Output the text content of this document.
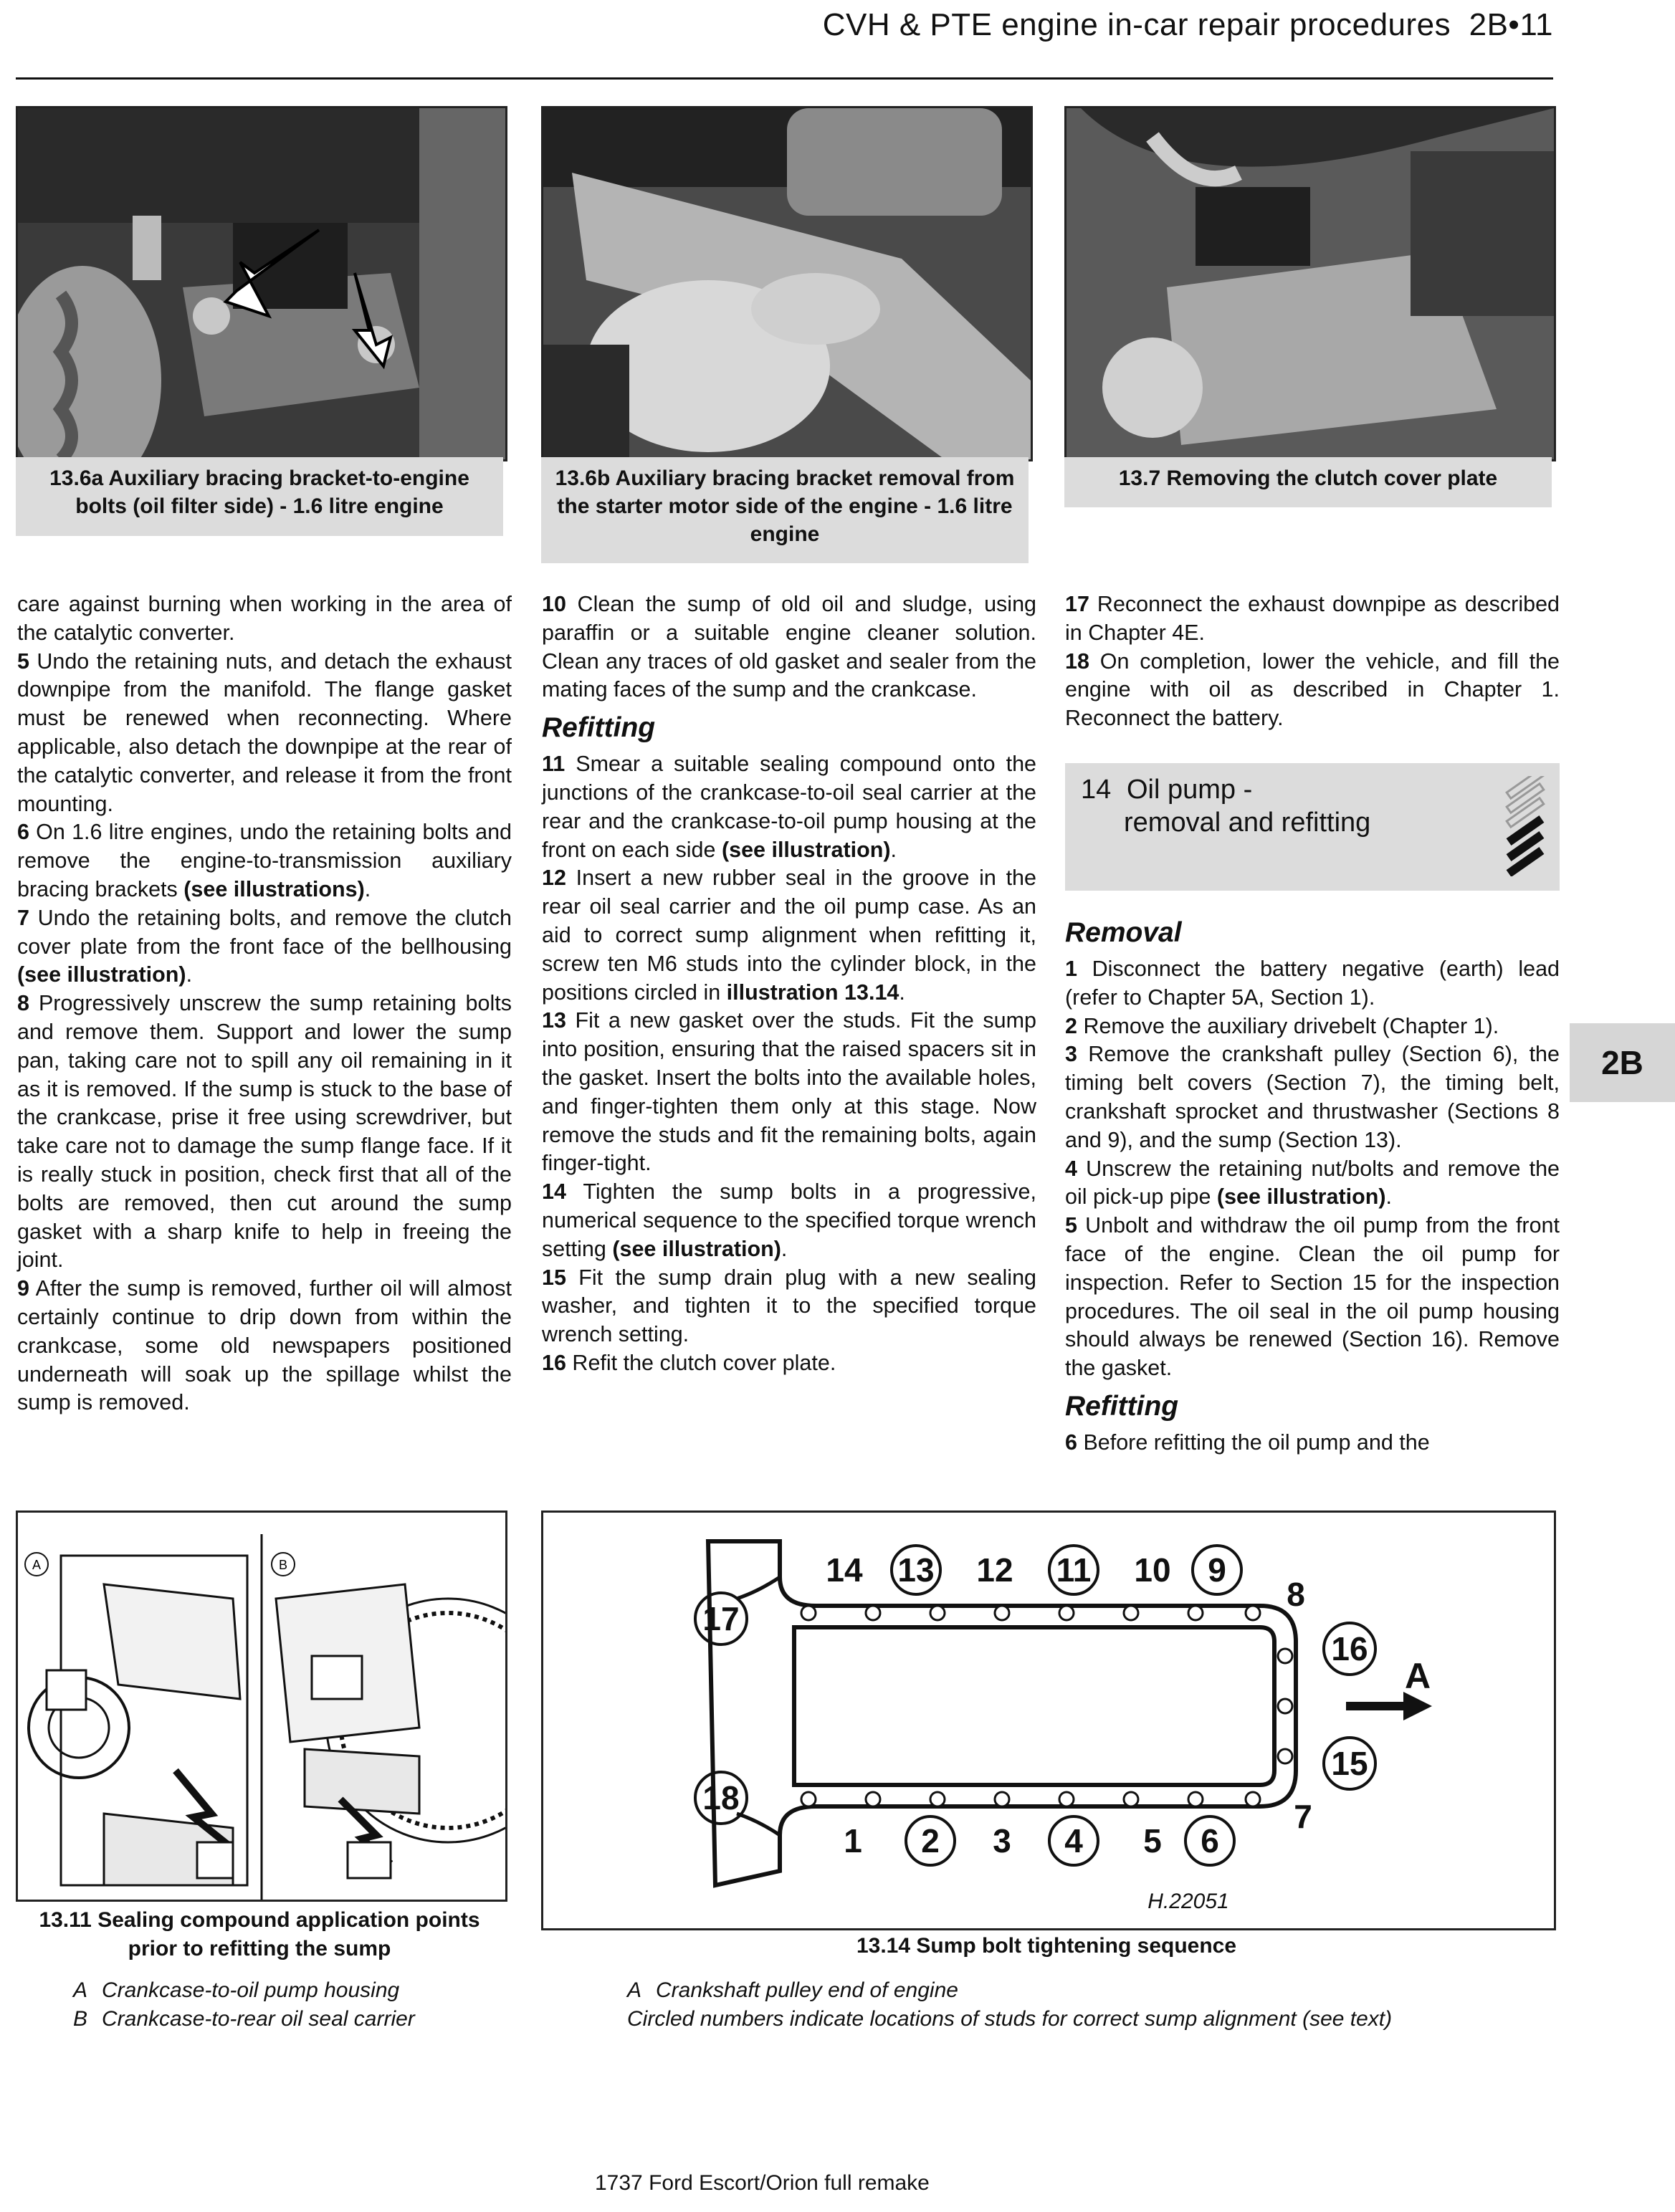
CVH & PTE engine in-car repair procedures 2B•11
13.6a Auxiliary bracing bracket-to-engine bolts (oil filter side) - 1.6 litre engine
13.6b Auxiliary bracing bracket removal from the starter motor side of the engine - 1.6 litre engine
13.7 Removing the clutch cover plate

care against burning when working in the area of the catalytic converter.

5 Undo the retaining nuts, and detach the exhaust downpipe from the manifold. The flange gasket must be renewed when reconnecting. Where applicable, also detach the downpipe at the rear of the catalytic converter, and release it from the front mounting.

6 On 1.6 litre engines, undo the retaining bolts and remove the engine-to-transmission auxiliary bracing brackets (see illustrations).

7 Undo the retaining bolts, and remove the clutch cover plate from the front face of the bellhousing (see illustration).

8 Progressively unscrew the sump retaining bolts and remove them. Support and lower the sump pan, taking care not to spill any oil remaining in it as it is removed. If the sump is stuck to the base of the crankcase, prise it free using screwdriver, but take care not to damage the sump flange face. If it is really stuck in position, check first that all of the bolts are removed, then cut around the sump gasket with a sharp knife to help in freeing the joint.

9 After the sump is removed, further oil will almost certainly continue to drip down from within the crankcase, some old newspapers positioned underneath will soak up the spillage whilst the sump is removed.

10 Clean the sump of old oil and sludge, using paraffin or a suitable engine cleaner solution. Clean any traces of old gasket and sealer from the mating faces of the sump and the crankcase.

Refitting

11 Smear a suitable sealing compound onto the junctions of the crankcase-to-oil seal carrier at the rear and the crankcase-to-oil pump housing at the front on each side (see illustration).

12 Insert a new rubber seal in the groove in the rear oil seal carrier and the oil pump case. As an aid to correct sump alignment when refitting it, screw ten M6 studs into the cylinder block, in the positions circled in illustration 13.14.

13 Fit a new gasket over the studs. Fit the sump into position, ensuring that the raised spacers sit in the gasket. Insert the bolts into the available holes, and finger-tighten them only at this stage. Now remove the studs and fit the remaining bolts, again finger-tight.

14 Tighten the sump bolts in a progressive, numerical sequence to the specified torque wrench setting (see illustration).

15 Fit the sump drain plug with a new sealing washer, and tighten it to the specified torque wrench setting.

16 Refit the clutch cover plate.

17 Reconnect the exhaust downpipe as described in Chapter 4E.

18 On completion, lower the vehicle, and fill the engine with oil as described in Chapter 1. Reconnect the battery.

14 Oil pump -
removal and refitting
Removal

1 Disconnect the battery negative (earth) lead (refer to Chapter 5A, Section 1).

2 Remove the auxiliary drivebelt (Chapter 1).

3 Remove the crankshaft pulley (Section 6), the timing belt covers (Section 7), the timing belt, crankshaft sprocket and thrustwasher (Sections 8 and 9), and the sump (Section 13).

4 Unscrew the retaining nut/bolts and remove the oil pick-up pipe (see illustration).

5 Unbolt and withdraw the oil pump from the front face of the engine. Clean the oil pump for inspection. Refer to Section 15 for the inspection procedures. The oil seal in the oil pump housing should always be renewed (Section 16). Remove the gasket.

Refitting

6 Before refitting the oil pump and the

2B
A	B
13.11 Sealing compound application points prior to refitting the sump
A Crankcase-to-oil pump housing
B Crankcase-to-rear oil seal carrier
14 13 12 11 10 9
8
1 2 3 4 5 6
7
17
18
16
15
A
H.22051
13.14 Sump bolt tightening sequence
A Crankshaft pulley end of engine
Circled numbers indicate locations of studs for correct sump alignment (see text)
1737 Ford Escort/Orion full remake
